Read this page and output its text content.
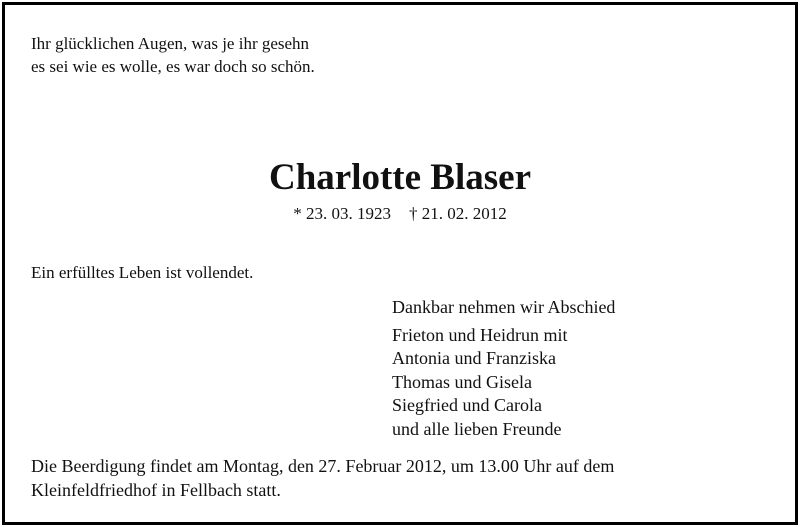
Ihr glücklichen Augen, was je ihr gesehn
es sei wie es wolle, es war doch so schön.
Charlotte Blaser
* 23. 03. 1923 † 21. 02. 2012
Ein erfülltes Leben ist vollendet.
Dankbar nehmen wir Abschied
Frieton und Heidrun mit
Antonia und Franziska
Thomas und Gisela
Siegfried und Carola
und alle lieben Freunde
Die Beerdigung findet am Montag, den 27. Februar 2012, um 13.00 Uhr auf dem
Kleinfeldfriedhof in Fellbach statt.
